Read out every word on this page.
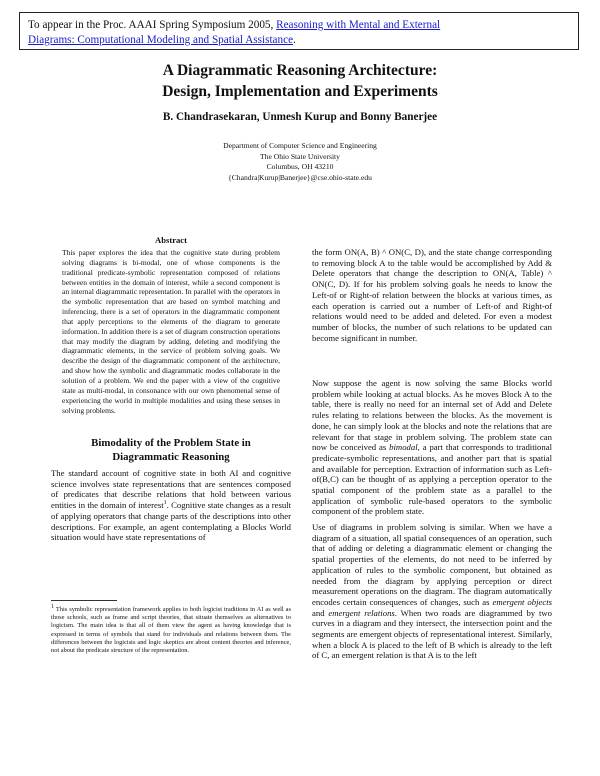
To appear in the Proc. AAAI Spring Symposium 2005, Reasoning with Mental and External
Diagrams: Computational Modeling and Spatial Assistance.
A Diagrammatic Reasoning Architecture:
Design, Implementation and Experiments
B. Chandrasekaran, Unmesh Kurup and Bonny Banerjee
Department of Computer Science and Engineering
The Ohio State University
Columbus, OH 43210
{Chandra|Kurup|Banerjee}@cse.ohio-state.edu
Abstract
This paper explores the idea that the cognitive state during problem solving diagrams is bi-modal, one of whose components is the traditional predicate-symbolic representation composed of relations between entities in the domain of interest, while a second component is an internal diagrammatic representation. In parallel with the operators in the symbolic representation that are based on symbol matching and inferencing, there is a set of operators in the diagrammatic component that apply perceptions to the elements of the diagram to generate information. In addition there is a set of diagram construction operations that may modify the diagram by adding, deleting and modifying the diagrammatic elements, in the service of problem solving goals. We describe the design of the diagrammatic component of the architecture, and show how the symbolic and diagrammatic modes collaborate in the solution of a problem. We end the paper with a view of the cognitive state as multi-modal, in consonance with our own phenomenal sense of experiencing the world in multiple modalities and using these senses in solving problems.
Bimodality of the Problem State in
Diagrammatic Reasoning
The standard account of cognitive state in both AI and cognitive science involves state representations that are sentences composed of predicates that describe relations that hold between various entities in the domain of interest$^1$. Cognitive state changes as a result of applying operators that change parts of the descriptions into other descriptions. For example, an agent contemplating a Blocks World situation would have state representations of
$^1$ This symbolic representation framework applies to both logicist traditions in AI as well as those schools, such as frame and script theories, that situate themselves as alternatives to logicism. The main idea is that all of them view the agent as having knowledge that is expressed in terms of symbols that stand for individuals and relations between them. The differences between the logicists and logic skeptics are about content theories and inference, not about the predicate structure of the representation.
the form ON(A, B) ^ ON(C, D), and the state change corresponding to removing block A to the table would be accomplished by Add & Delete operators that change the description to ON(A, Table) ^ ON(C, D). If for his problem solving goals he needs to know the Left-of or Right-of relation between the blocks at various times, as each operation is carried out a number of Left-of and Right-of relations would need to be added and deleted. For even a modest number of blocks, the number of such relations to be updated can become significant in number.
Now suppose the agent is now solving the same Blocks world problem while looking at actual blocks. As he moves Block A to the table, there is really no need for an internal set of Add and Delete rules relating to relations between the blocks. As the movement is done, he can simply look at the blocks and note the relations that are relevant for that stage in problem solving. The problem state can now be conceived as bimodal, a part that corresponds to traditional predicate-symbolic representations, and another part that is spatial and available for perception. Extraction of information such as Left-of(B,C) can be thought of as applying a perception operator to the spatial component of the problem state as a parallel to the application of symbolic rule-based operators to the symbolic component of the problem state.
Use of diagrams in problem solving is similar. When we have a diagram of a situation, all spatial consequences of an operation, such that of adding or deleting a diagrammatic element or changing the spatial properties of the elements, do not need to be inferred by application of rules to the symbolic component, but obtained as needed from the diagram by applying perception or direct measurement operations on the diagram. The diagram automatically encodes certain consequences of changes, such as emergent objects and emergent relations. When two roads are diagrammed by two curves in a diagram and they intersect, the intersection point and the segments are emergent objects of representational interest. Similarly, when a block A is placed to the left of B which is already to the left of C, an emergent relation is that A is to the left
